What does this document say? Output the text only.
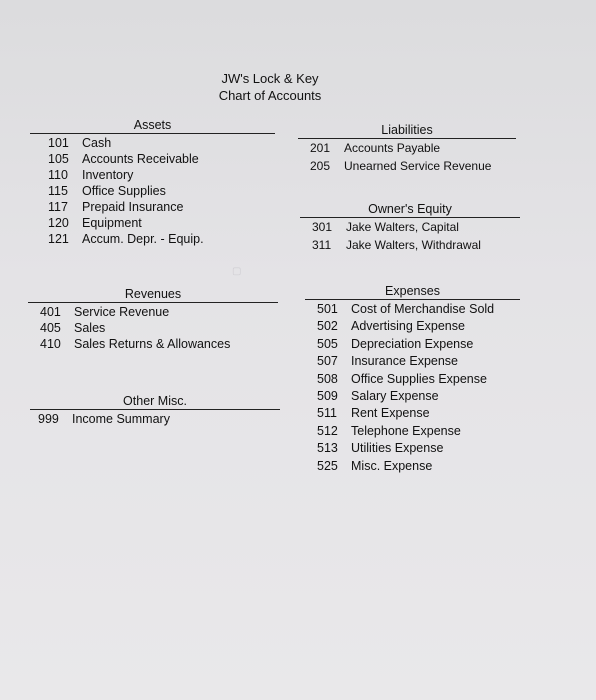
JW's Lock & Key
Chart of Accounts
▢
Assets
101	Cash
105	Accounts Receivable
110	Inventory
115	Office Supplies
117	Prepaid Insurance
120	Equipment
121	Accum. Depr. - Equip.
Liabilities
201	Accounts Payable
205	Unearned Service Revenue
Owner's Equity
301	Jake Walters, Capital
311	Jake Walters, Withdrawal
Revenues
401	Service Revenue
405	Sales
410	Sales Returns & Allowances
Expenses
501	Cost of Merchandise Sold
502	Advertising Expense
505	Depreciation Expense
507	Insurance Expense
508	Office Supplies Expense
509	Salary Expense
511	Rent Expense
512	Telephone Expense
513	Utilities Expense
525	Misc. Expense
Other Misc.
999	Income Summary
